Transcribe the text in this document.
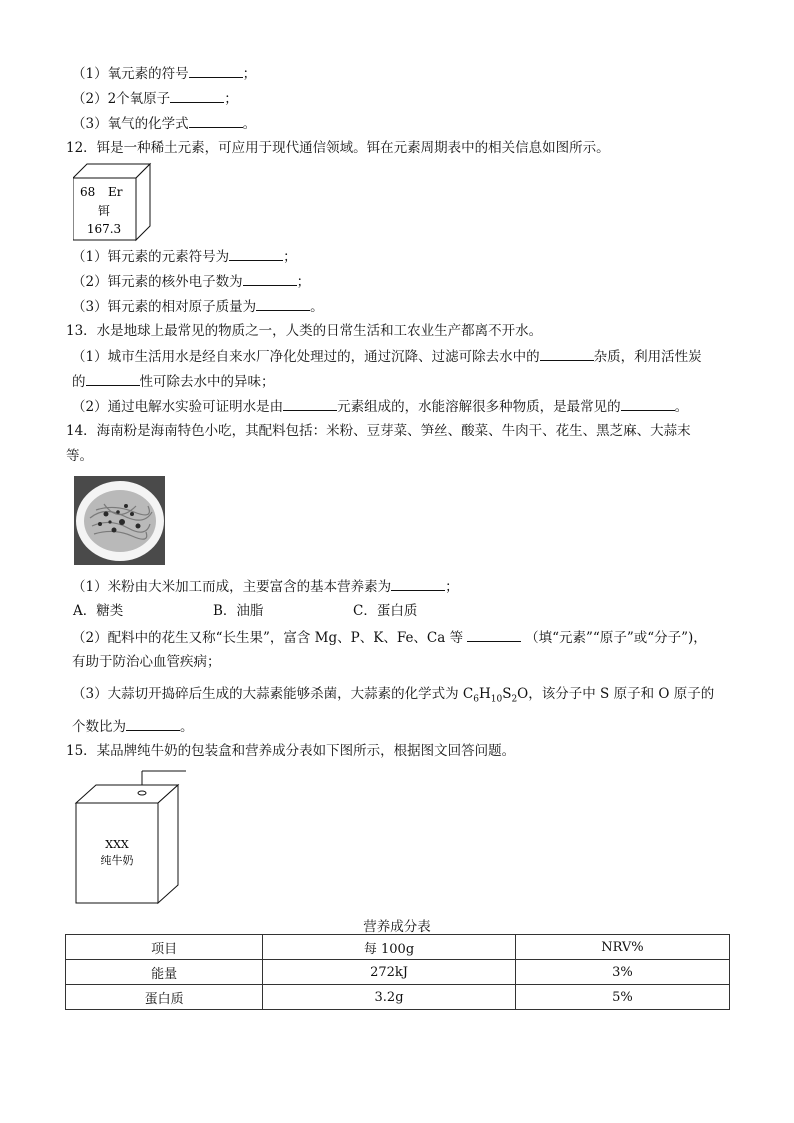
（1）氧元素的符号	；
（2）2个氧原子	；
（3）氧气的化学式	。
12．铒是一种稀土元素，可应用于现代通信领域。铒在元素周期表中的相关信息如图所示。
68 Er
铒
167.3
（1）铒元素的元素符号为	；
（2）铒元素的核外电子数为	；
（3）铒元素的相对原子质量为	。
13．水是地球上最常见的物质之一，人类的日常生活和工农业生产都离不开水。
（1）城市生活用水是经自来水厂净化处理过的，通过沉降、过滤可除去水中的	杂质，利用活性炭
的	性可除去水中的异味；
（2）通过电解水实验可证明水是由	元素组成的，水能溶解很多种物质，是最常见的	。
14．海南粉是海南特色小吃，其配料包括：米粉、豆芽菜、笋丝、酸菜、牛肉干、花生、黑芝麻、大蒜末
等。
（1）米粉由大米加工而成，主要富含的基本营养素为	；
A．糖类	B．油脂	C．蛋白质
（2）配料中的花生又称“长生果”，富含 Mg、P、K、Fe、Ca 等	（填“元素”“原子”或“分子”)，
有助于防治心血管疾病；
（3）大蒜切开捣碎后生成的大蒜素能够杀菌，大蒜素的化学式为 $C_6H_{10}S_2O$，该分子中 S 原子和 O 原子的
个数比为	。
15．某品牌纯牛奶的包装盒和营养成分表如下图所示，根据图文回答问题。
XXX
纯牛奶
营养成分表
项目	每 100g	NRV%
能量	272kJ	3%
蛋白质	3.2g	5%
